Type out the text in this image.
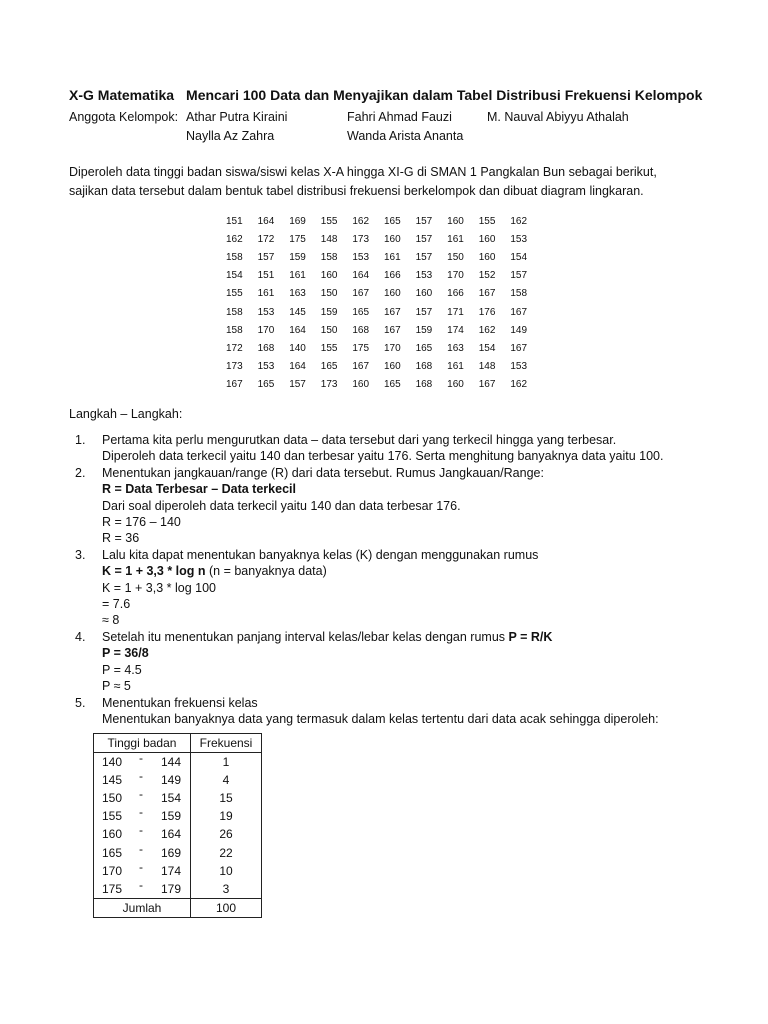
X-G Matematika Mencari 100 Data dan Menyajikan dalam Tabel Distribusi Frekuensi Kelompok
Anggota Kelompok: Athar Putra Kiraini	Fahri Ahmad Fauzi	M. Nauval Abiyyu Athalah
Naylla Az Zahra	Wanda Arista Ananta
Diperoleh data tinggi badan siswa/siswi kelas X-A hingga XI-G di SMAN 1 Pangkalan Bun sebagai berikut,
sajikan data tersebut dalam bentuk tabel distribusi frekuensi berkelompok dan dibuat diagram lingkaran.
151	164	169	155	162	165	157	160	155	162
162	172	175	148	173	160	157	161	160	153
158	157	159	158	153	161	157	150	160	154
154	151	161	160	164	166	153	170	152	157
155	161	163	150	167	160	160	166	167	158
158	153	145	159	165	167	157	171	176	167
158	170	164	150	168	167	159	174	162	149
172	168	140	155	175	170	165	163	154	167
173	153	164	165	167	160	168	161	148	153
167	165	157	173	160	165	168	160	167	162
Langkah – Langkah:
1. Pertama kita perlu mengurutkan data – data tersebut dari yang terkecil hingga yang terbesar.
Diperoleh data terkecil yaitu 140 dan terbesar yaitu 176. Serta menghitung banyaknya data yaitu 100.
2. Menentukan jangkauan/range (R) dari data tersebut. Rumus Jangkauan/Range:
R = Data Terbesar – Data terkecil
Dari soal diperoleh data terkecil yaitu 140 dan data terbesar 176.
R = 176 – 140
R = 36
3. Lalu kita dapat menentukan banyaknya kelas (K) dengan menggunakan rumus
K = 1 + 3,3 * log n (n = banyaknya data)
K = 1 + 3,3 * log 100
= 7.6
≈ 8
4. Setelah itu menentukan panjang interval kelas/lebar kelas dengan rumus P = R/K
P = 36/8
P = 4.5
P ≈ 5
5. Menentukan frekuensi kelas
Menentukan banyaknya data yang termasuk dalam kelas tertentu dari data acak sehingga diperoleh:
Tinggi badan	Frekuensi

140 - 144	1

145 - 149	4

150 - 154	15

155 - 159	19

160 - 164	26

165 - 169	22

170 - 174	10

175 - 179	3
Jumlah	100
